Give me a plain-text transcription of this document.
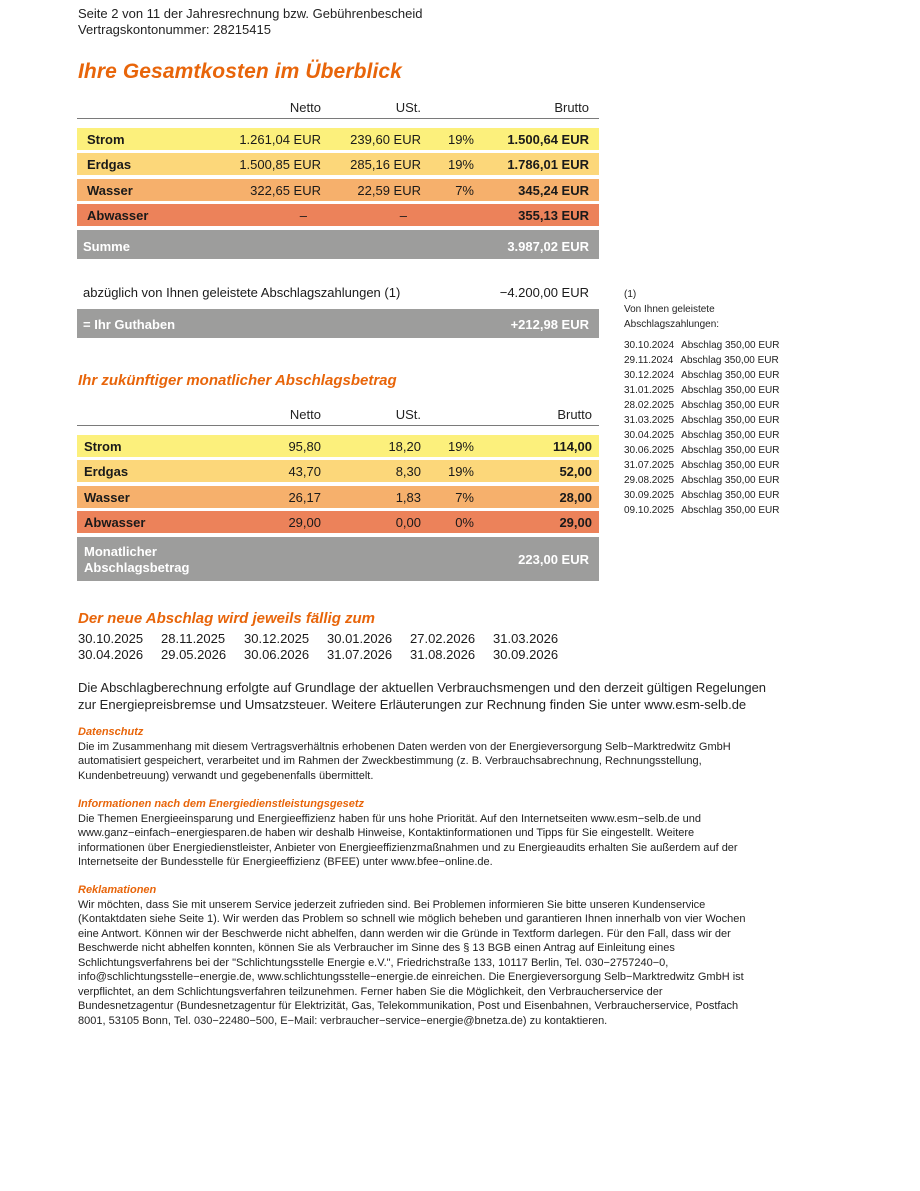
Seite 2 von 11 der Jahresrechnung bzw. Gebührenbescheid
Vertragskontonummer: 28215415
Ihre Gesamtkosten im Überblick
Netto	USt.	Brutto
Strom	1.261,04 EUR 239,60 EUR 19%	1.500,64 EUR
Erdgas	1.500,85 EUR 285,16 EUR 19%	1.786,01 EUR
Wasser	322,65 EUR	22,59 EUR	7%	345,24 EUR
Abwasser	–	–	355,13 EUR
Summe	3.987,02 EUR
abzüglich von Ihnen geleistete Abschlagszahlungen (1)	−4.200,00 EUR
= Ihr Guthaben	+212,98 EUR
(1)
Von Ihnen geleistete
Abschlagszahlungen:
30.10.2024 Abschlag 350,00 EUR
29.11.2024 Abschlag 350,00 EUR
30.12.2024 Abschlag 350,00 EUR
31.01.2025 Abschlag 350,00 EUR
28.02.2025 Abschlag 350,00 EUR
31.03.2025 Abschlag 350,00 EUR
30.04.2025 Abschlag 350,00 EUR
30.06.2025 Abschlag 350,00 EUR
31.07.2025 Abschlag 350,00 EUR
29.08.2025 Abschlag 350,00 EUR
30.09.2025 Abschlag 350,00 EUR
09.10.2025 Abschlag 350,00 EUR
Ihr zukünftiger monatlicher Abschlagsbetrag
Netto	USt.	Brutto
Strom	95,80	18,20 19%	114,00
Erdgas	43,70	8,30 19%	52,00
Wasser	26,17	1,83	7%	28,00
Abwasser	29,00	0,00	0%	29,00
Monatlicher
Abschlagsbetrag
223,00 EUR
Der neue Abschlag wird jeweils fällig zum
30.10.2025	28.11.2025	30.12.2025	30.01.2026	27.02.2026	31.03.2026
30.04.2026	29.05.2026	30.06.2026	31.07.2026	31.08.2026	30.09.2026
Die Abschlagberechnung erfolgte auf Grundlage der aktuellen Verbrauchsmengen und den derzeit gültigen Regelungen
zur Energiepreisbremse und Umsatzsteuer. Weitere Erläuterungen zur Rechnung finden Sie unter www.esm-selb.de
Datenschutz
Die im Zusammenhang mit diesem Vertragsverhältnis erhobenen Daten werden von der Energieversorgung Selb−Marktredwitz GmbH
automatisiert gespeichert, verarbeitet und im Rahmen der Zweckbestimmung (z. B. Verbrauchsabrechnung, Rechnungsstellung,
Kundenbetreuung) verwandt und gegebenenfalls übermittelt.
Informationen nach dem Energiedienstleistungsgesetz
Die Themen Energieeinsparung und Energieeffizienz haben für uns hohe Priorität. Auf den Internetseiten www.esm−selb.de und
www.ganz−einfach−energiesparen.de haben wir deshalb Hinweise, Kontaktinformationen und Tipps für Sie eingestellt. Weitere
informationen über Energiedienstleister, Anbieter von Energieeffizienzmaßnahmen und zu Energieaudits erhalten Sie außerdem auf der
Internetseite der Bundesstelle für Energieeffizienz (BFEE) unter www.bfee−online.de.
Reklamationen
Wir möchten, dass Sie mit unserem Service jederzeit zufrieden sind. Bei Problemen informieren Sie bitte unseren Kundenservice
(Kontaktdaten siehe Seite 1). Wir werden das Problem so schnell wie möglich beheben und garantieren Ihnen innerhalb von vier Wochen
eine Antwort. Können wir der Beschwerde nicht abhelfen, dann werden wir die Gründe in Textform darlegen. Für den Fall, dass wir der
Beschwerde nicht abhelfen konnten, können Sie als Verbraucher im Sinne des § 13 BGB einen Antrag auf Einleitung eines
Schlichtungsverfahrens bei der "Schlichtungsstelle Energie e.V.", Friedrichstraße 133, 10117 Berlin, Tel. 030−2757240−0,
info@schlichtungsstelle−energie.de, www.schlichtungsstelle−energie.de einreichen. Die Energieversorgung Selb−Marktredwitz GmbH ist
verpflichtet, an dem Schlichtungsverfahren teilzunehmen. Ferner haben Sie die Möglichkeit, den Verbraucherservice der
Bundesnetzagentur (Bundesnetzagentur für Elektrizität, Gas, Telekommunikation, Post und Eisenbahnen, Verbraucherservice, Postfach
8001, 53105 Bonn, Tel. 030−22480−500, E−Mail: verbraucher−service−energie@bnetza.de) zu kontaktieren.
